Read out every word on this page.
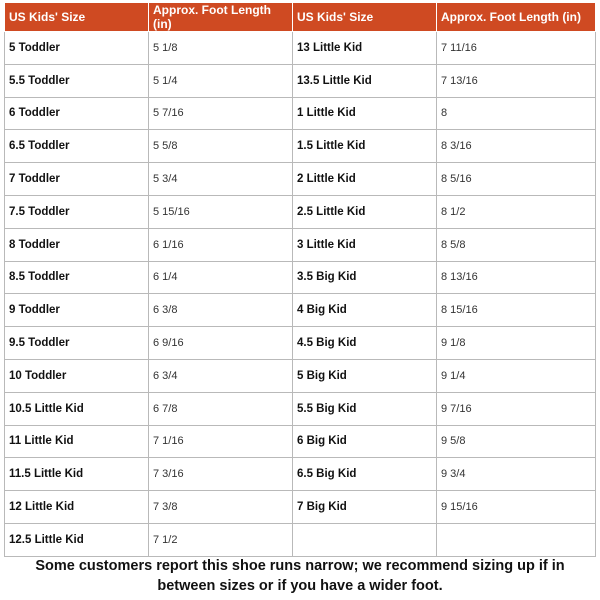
US Kids' Size	Approx. Foot Length (in)	US Kids' Size	Approx. Foot Length (in)
5 Toddler	5 1/8	13 Little Kid	7 11/16
5.5 Toddler	5 1/4	13.5 Little Kid	7 13/16
6 Toddler	5 7/16	1 Little Kid	8
6.5 Toddler	5 5/8	1.5 Little Kid	8 3/16
7 Toddler	5 3/4	2 Little Kid	8 5/16
7.5 Toddler	5 15/16	2.5 Little Kid	8 1/2
8 Toddler	6 1/16	3 Little Kid	8 5/8
8.5 Toddler	6 1/4	3.5 Big Kid	8 13/16
9 Toddler	6 3/8	4 Big Kid	8 15/16
9.5 Toddler	6 9/16	4.5 Big Kid	9 1/8
10 Toddler	6 3/4	5 Big Kid	9 1/4
10.5 Little Kid	6 7/8	5.5 Big Kid	9 7/16
11 Little Kid	7 1/16	6 Big Kid	9 5/8
11.5 Little Kid	7 3/16	6.5 Big Kid	9 3/4
12 Little Kid	7 3/8	7 Big Kid	9 15/16
12.5 Little Kid	7 1/2		
Some customers report this shoe runs narrow; we recommend sizing up if in
between sizes or if you have a wider foot.
